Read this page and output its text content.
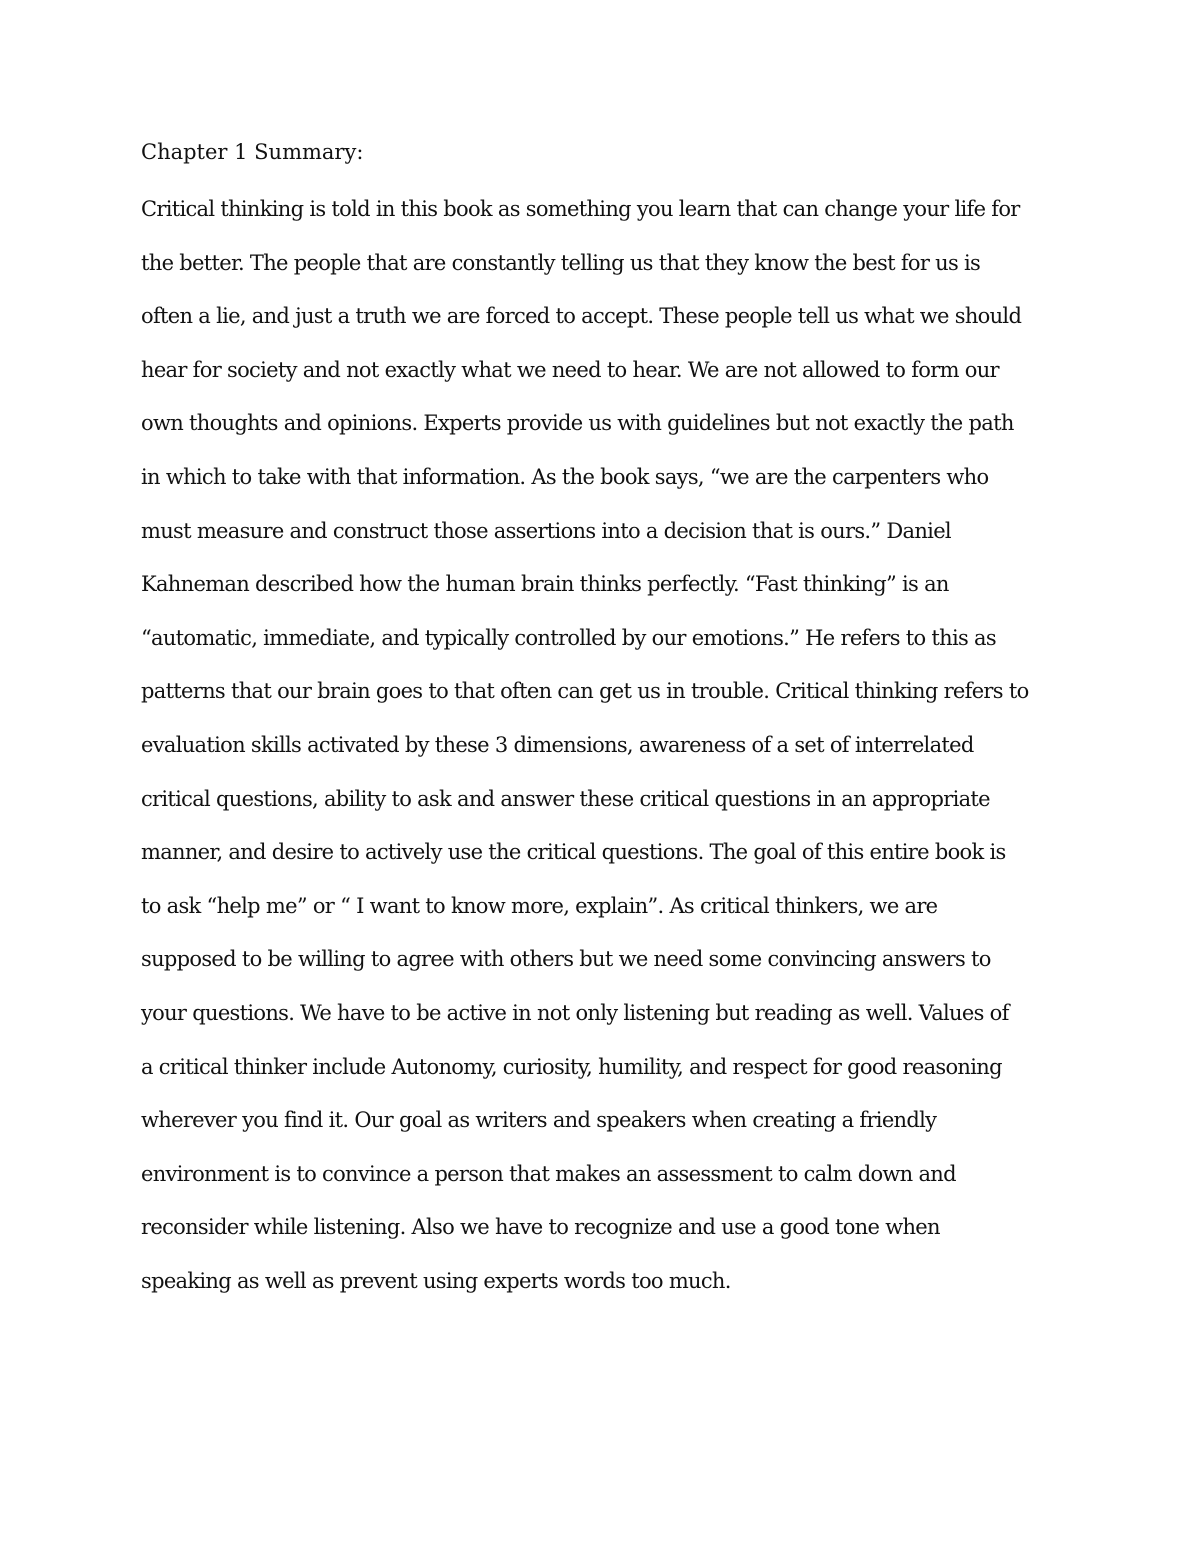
Chapter 1 Summary:
Critical thinking is told in this book as something you learn that can change your life for
the better. The people that are constantly telling us that they know the best for us is
often a lie, and just a truth we are forced to accept. These people tell us what we should
hear for society and not exactly what we need to hear. We are not allowed to form our
own thoughts and opinions. Experts provide us with guidelines but not exactly the path
in which to take with that information. As the book says, “we are the carpenters who
must measure and construct those assertions into a decision that is ours.” Daniel
Kahneman described how the human brain thinks perfectly. “Fast thinking” is an
“automatic, immediate, and typically controlled by our emotions.” He refers to this as
patterns that our brain goes to that often can get us in trouble. Critical thinking refers to
evaluation skills activated by these 3 dimensions, awareness of a set of interrelated
critical questions, ability to ask and answer these critical questions in an appropriate
manner, and desire to actively use the critical questions. The goal of this entire book is
to ask “help me” or “ I want to know more, explain”. As critical thinkers, we are
supposed to be willing to agree with others but we need some convincing answers to
your questions. We have to be active in not only listening but reading as well. Values of
a critical thinker include Autonomy, curiosity, humility, and respect for good reasoning
wherever you find it. Our goal as writers and speakers when creating a friendly
environment is to convince a person that makes an assessment to calm down and
reconsider while listening. Also we have to recognize and use a good tone when
speaking as well as prevent using experts words too much.
